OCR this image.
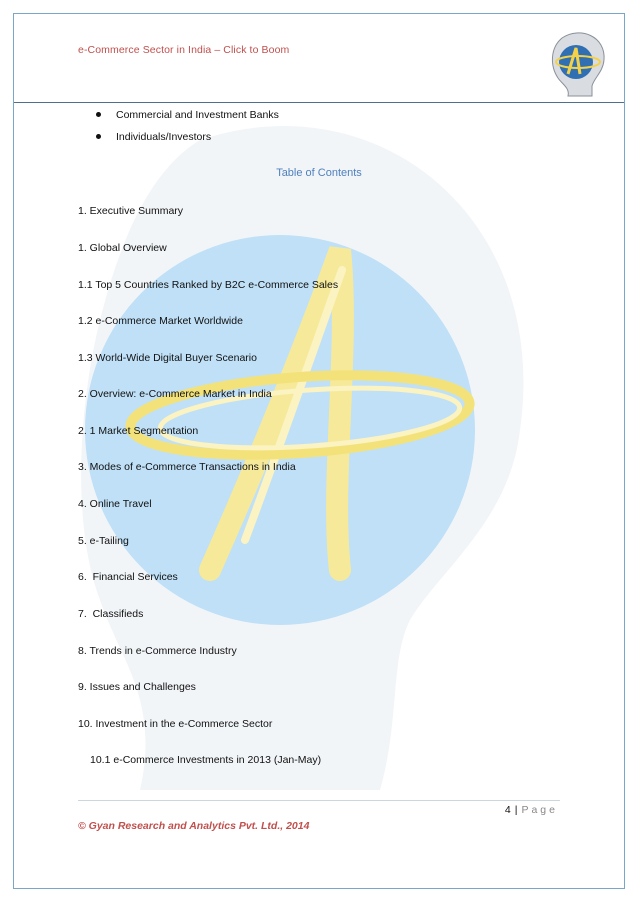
e-Commerce Sector in India – Click to Boom
Commercial and Investment Banks
Individuals/Investors
Table of Contents
1. Executive Summary
1. Global Overview
1.1 Top 5 Countries Ranked by B2C e-Commerce Sales
1.2 e-Commerce Market Worldwide
1.3 World-Wide Digital Buyer Scenario
2. Overview: e-Commerce Market in India
2. 1 Market Segmentation
3. Modes of e-Commerce Transactions in India
4. Online Travel
5. e-Tailing
6.  Financial Services
7.  Classifieds
8. Trends in e-Commerce Industry
9. Issues and Challenges
10. Investment in the e-Commerce Sector
10.1 e-Commerce Investments in 2013 (Jan-May)
4 | Page
© Gyan Research and Analytics Pvt. Ltd., 2014
